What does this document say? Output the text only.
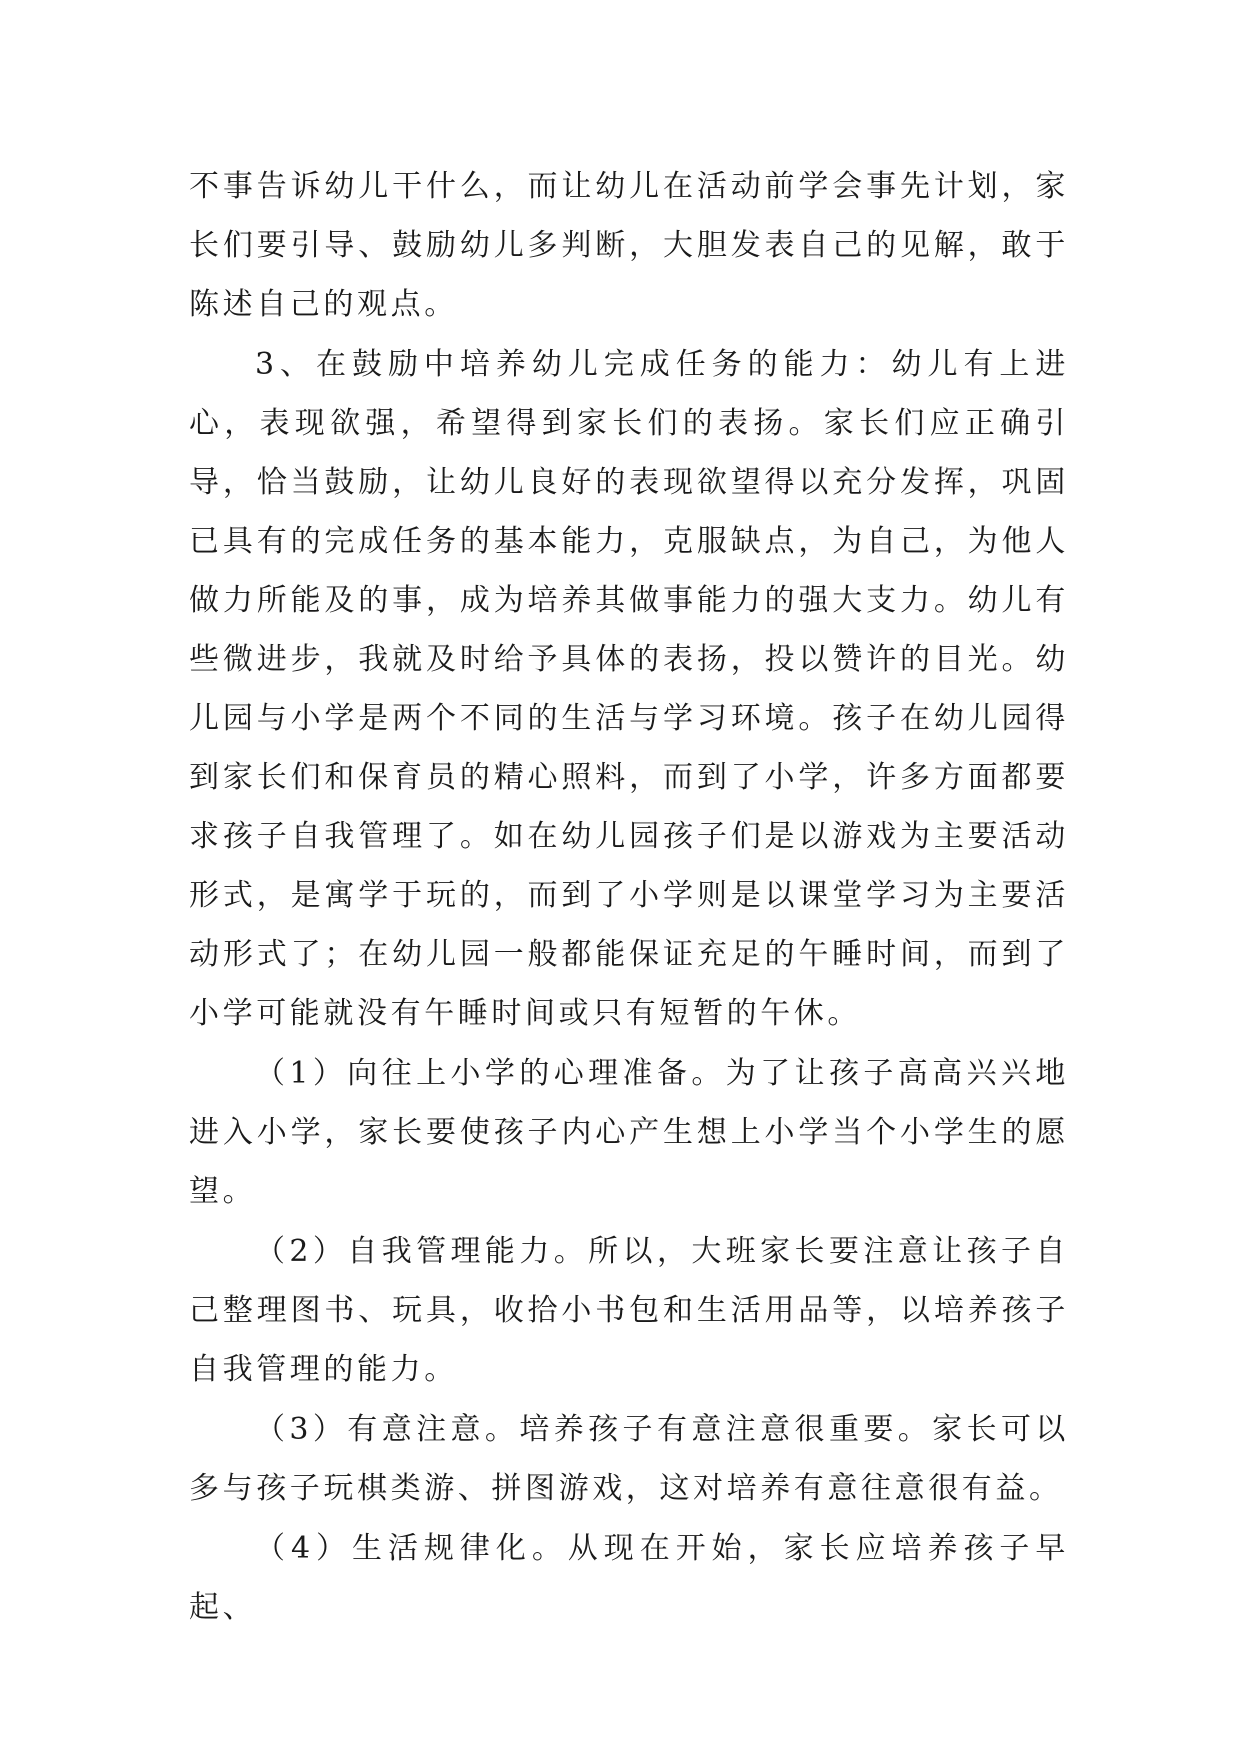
不事告诉幼儿干什么，而让幼儿在活动前学会事先计划，家长们要引导、鼓励幼儿多判断，大胆发表自己的见解，敢于陈述自己的观点。

3、在鼓励中培养幼儿完成任务的能力：幼儿有上进心，表现欲强，希望得到家长们的表扬。家长们应正确引导，恰当鼓励，让幼儿良好的表现欲望得以充分发挥，巩固已具有的完成任务的基本能力，克服缺点，为自己，为他人做力所能及的事，成为培养其做事能力的强大支力。幼儿有些微进步，我就及时给予具体的表扬，投以赞许的目光。幼儿园与小学是两个不同的生活与学习环境。孩子在幼儿园得到家长们和保育员的精心照料，而到了小学，许多方面都要求孩子自我管理了。如在幼儿园孩子们是以游戏为主要活动形式，是寓学于玩的，而到了小学则是以课堂学习为主要活动形式了；在幼儿园一般都能保证充足的午睡时间，而到了小学可能就没有午睡时间或只有短暂的午休。

（1）向往上小学的心理准备。为了让孩子高高兴兴地进入小学，家长要使孩子内心产生想上小学当个小学生的愿望。

（2）自我管理能力。所以，大班家长要注意让孩子自己整理图书、玩具，收拾小书包和生活用品等，以培养孩子自我管理的能力。

（3）有意注意。培养孩子有意注意很重要。家长可以多与孩子玩棋类游、拼图游戏，这对培养有意往意很有益。

（4）生活规律化。从现在开始，家长应培养孩子早起、
